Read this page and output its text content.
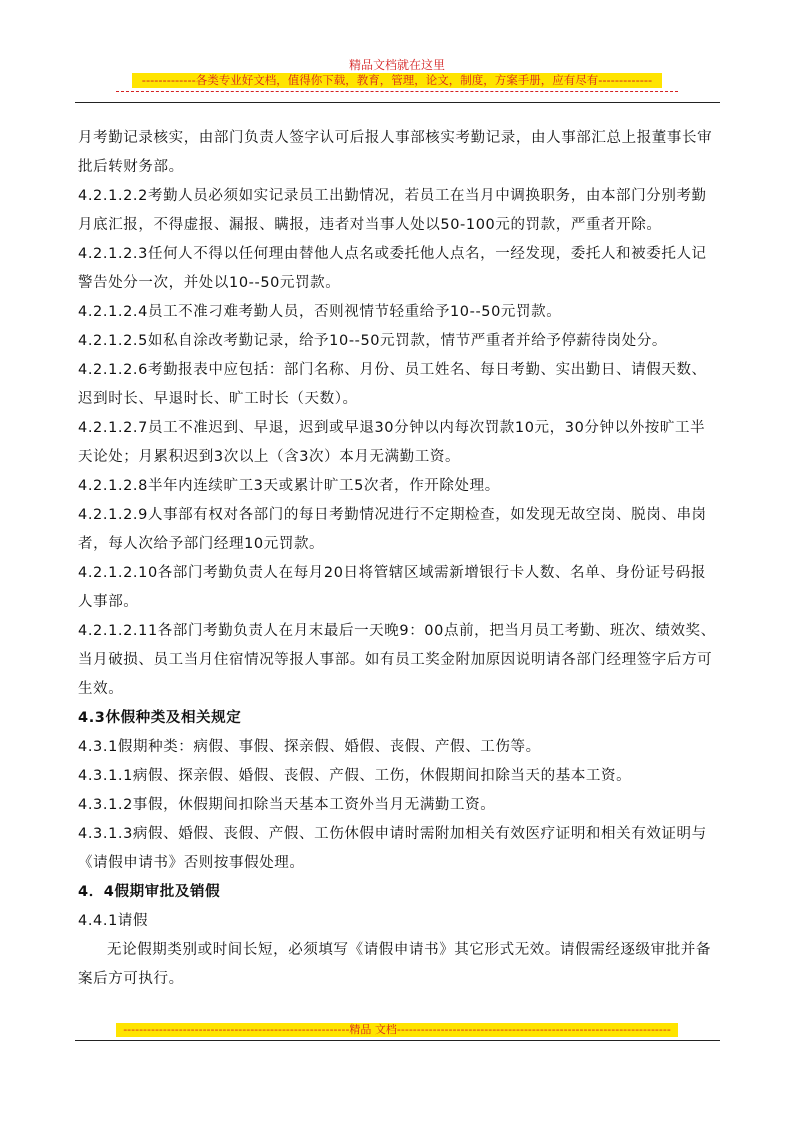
精品文档就在这里
-------------各类专业好文档，值得你下载，教育，管理，论文，制度，方案手册，应有尽有-------------

月考勤记录核实，由部门负责人签字认可后报人事部核实考勤记录，由人事部汇总上报董事长审批后转财务部。

4.2.1.2.2考勤人员必须如实记录员工出勤情况，若员工在当月中调换职务，由本部门分别考勤月底汇报，不得虚报、漏报、瞒报，违者对当事人处以50-100元的罚款，严重者开除。

4.2.1.2.3任何人不得以任何理由替他人点名或委托他人点名，一经发现，委托人和被委托人记警告处分一次，并处以10--50元罚款。

4.2.1.2.4员工不准刁难考勤人员，否则视情节轻重给予10--50元罚款。

4.2.1.2.5如私自涂改考勤记录，给予10--50元罚款，情节严重者并给予停薪待岗处分。

4.2.1.2.6考勤报表中应包括：部门名称、月份、员工姓名、每日考勤、实出勤日、请假天数、迟到时长、早退时长、旷工时长（天数）。

4.2.1.2.7员工不准迟到、早退，迟到或早退30分钟以内每次罚款10元，30分钟以外按旷工半天论处；月累积迟到3次以上（含3次）本月无满勤工资。

4.2.1.2.8半年内连续旷工3天或累计旷工5次者，作开除处理。

4.2.1.2.9人事部有权对各部门的每日考勤情况进行不定期检查，如发现无故空岗、脱岗、串岗者，每人次给予部门经理10元罚款。

4.2.1.2.10各部门考勤负责人在每月20日将管辖区域需新增银行卡人数、名单、身份证号码报人事部。

4.2.1.2.11各部门考勤负责人在月末最后一天晚9：00点前，把当月员工考勤、班次、绩效奖、当月破损、员工当月住宿情况等报人事部。如有员工奖金附加原因说明请各部门经理签字后方可生效。

4.3休假种类及相关规定

4.3.1假期种类：病假、事假、探亲假、婚假、丧假、产假、工伤等。

4.3.1.1病假、探亲假、婚假、丧假、产假、工伤，休假期间扣除当天的基本工资。

4.3.1.2事假，休假期间扣除当天基本工资外当月无满勤工资。

4.3.1.3病假、婚假、丧假、产假、工伤休假申请时需附加相关有效医疗证明和相关有效证明与《请假申请书》否则按事假处理。

4．4假期审批及销假

4.4.1请假

无论假期类别或时间长短，必须填写《请假申请书》其它形式无效。请假需经逐级审批并备案后方可执行。

---------------------------------------------------------精品 文档---------------------------------------------------------------------
